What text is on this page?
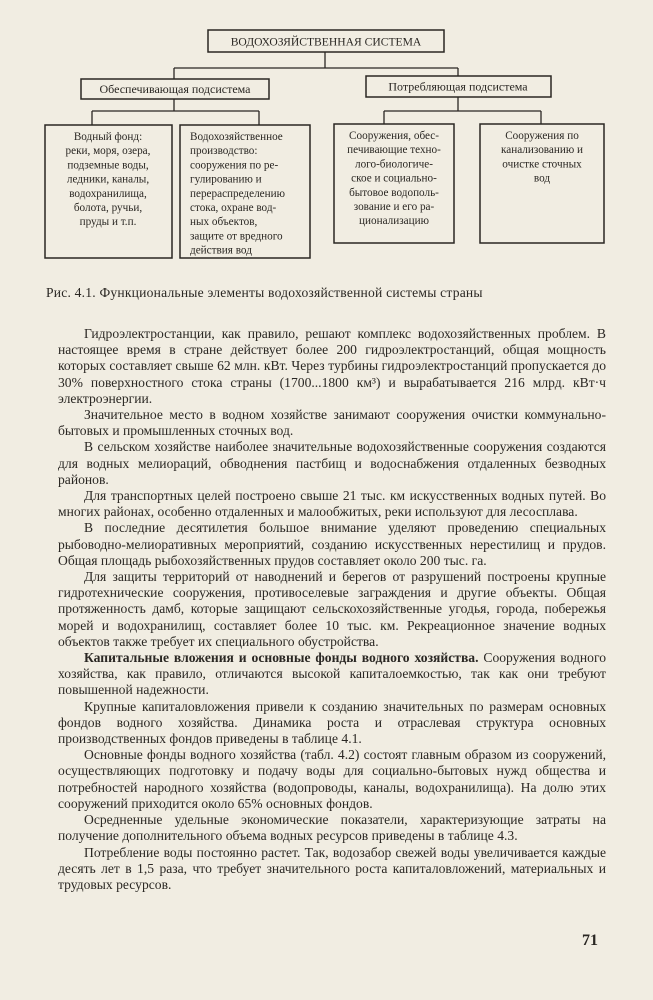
ВОДОХОЗЯЙСТВЕННАЯ СИСТЕМА
Обеспечивающая подсистема	Потребляющая подсистема
Водный фонд: реки, моря, озера, подземные воды, ледники, каналы, водохранилища, болота, ручьи, пруды и т.п.
Водохозяйственное производство: сооружения по ре-гулированию и перераспределению стока, охране вод-ных объектов, защите от вредного действия вод
Сооружения, обес-печивающие техно-лого-биологиче-ское и социально-бытовое водополь-зование и его ра-ционализацию
Сооружения по канализованию и очистке сточных вод
Рис. 4.1. Функциональные элементы водохозяйственной системы страны

Гидроэлектростанции, как правило, решают комплекс водохозяйственных проблем. В настоящее время в стране действует более 200 гидроэлектростанций, общая мощность которых составляет свыше 62 млн. кВт. Через турбины гидроэлектростанций пропускается до 30% поверхностного стока страны (1700...1800 км³) и вырабатывается 216 млрд. кВт·ч электроэнергии.

Значительное место в водном хозяйстве занимают сооружения очистки коммунально-бытовых и промышленных сточных вод.

В сельском хозяйстве наиболее значительные водохозяйственные сооружения создаются для водных мелиораций, обводнения пастбищ и водоснабжения отдаленных безводных районов.

Для транспортных целей построено свыше 21 тыс. км искусственных водных путей. Во многих районах, особенно отдаленных и малообжитых, реки используют для лесосплава.

В последние десятилетия большое внимание уделяют проведению специальных рыбоводно-мелиоративных мероприятий, созданию искусственных нерестилищ и прудов. Общая площадь рыбохозяйственных прудов составляет около 200 тыс. га.

Для защиты территорий от наводнений и берегов от разрушений построены крупные гидротехнические сооружения, противоселевые заграждения и другие объекты. Общая протяженность дамб, которые защищают сельскохозяйственные угодья, города, побережья морей и водохранилищ, составляет более 10 тыс. км. Рекреационное значение водных объектов также требует их специального обустройства.

Капитальные вложения и основные фонды водного хозяйства. Сооружения водного хозяйства, как правило, отличаются высокой капиталоемкостью, так как они требуют повышенной надежности.

Крупные капиталовложения привели к созданию значительных по размерам основных фондов водного хозяйства. Динамика роста и отраслевая структура основных производственных фондов приведены в таблице 4.1.

Основные фонды водного хозяйства (табл. 4.2) состоят главным образом из сооружений, осуществляющих подготовку и подачу воды для социально-бытовых нужд общества и потребностей народного хозяйства (водопроводы, каналы, водохранилища). На долю этих сооружений приходится около 65% основных фондов.

Осредненные удельные экономические показатели, характеризующие затраты на получение дополнительного объема водных ресурсов приведены в таблице 4.3.

Потребление воды постоянно растет. Так, водозабор свежей воды увеличивается каждые десять лет в 1,5 раза, что требует значительного роста капиталовложений, материальных и трудовых ресурсов.

71
